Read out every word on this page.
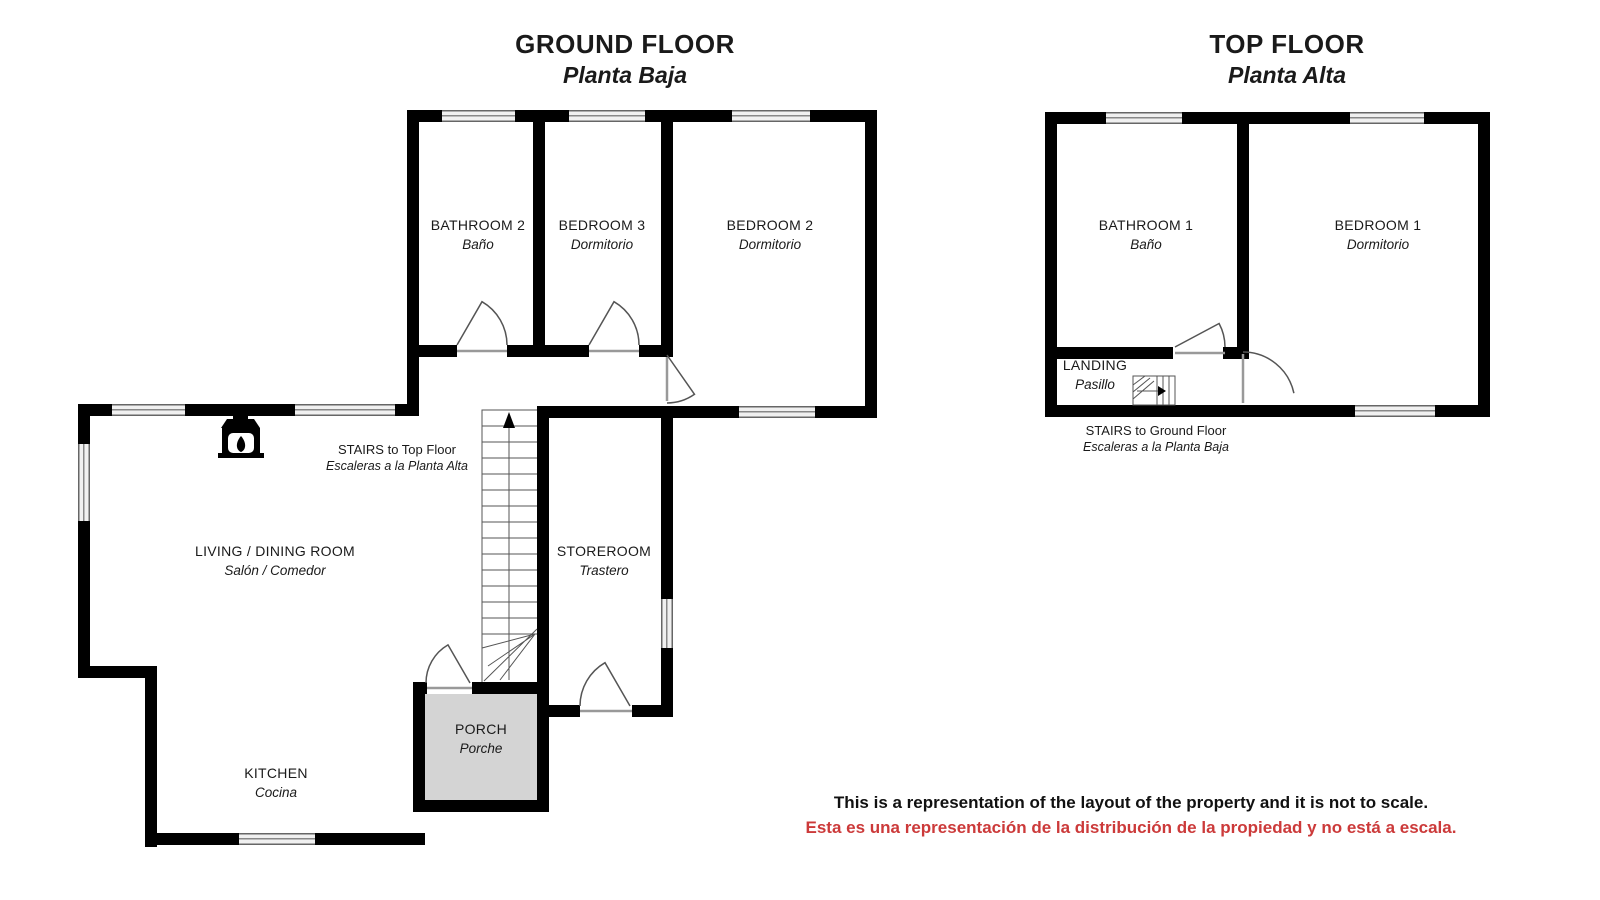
GROUND FLOOR
Planta Baja
TOP FLOOR
Planta Alta
BATHROOM 2
Baño
BEDROOM 3
Dormitorio
BEDROOM 2
Dormitorio
STAIRS to Top Floor
Escaleras a la Planta Alta
LIVING / DINING ROOM
Salón / Comedor
STOREROOM
Trastero
PORCH
Porche
KITCHEN
Cocina
BATHROOM 1
Baño
BEDROOM 1
Dormitorio
LANDING
Pasillo
STAIRS to Ground Floor
Escaleras a la Planta Baja
This is a representation of the layout of the property and it is not to scale.
Esta es una representación de la distribución de la propiedad y no está a escala.
